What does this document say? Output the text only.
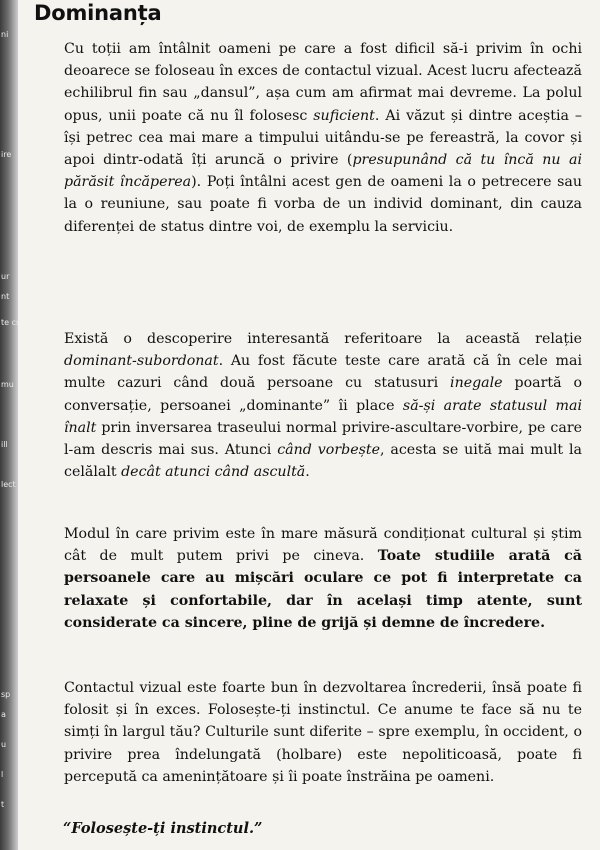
ni
ire
ur
nt
te cr
mu
ill
lect
sp
a
u
l
t
Dominanța

Cu toții am întâlnit oameni pe care a fost dificil să-i privim în ochi deoarece se foloseau în exces de contactul vizual. Acest lucru afectează echilibrul fin sau „dansul”, așa cum am afirmat mai devreme. La polul opus, unii poate că nu îl folosesc suficient. Ai văzut și dintre aceștia – își petrec cea mai mare a timpului uitându-se pe fereastră, la covor și apoi dintr-odată îți aruncă o privire (presupunând că tu încă nu ai părăsit încăperea). Poți întâlni acest gen de oameni la o petrecere sau la o reuniune, sau poate fi vorba de un individ dominant, din cauza diferenței de status dintre voi, de exemplu la serviciu.

Există o descoperire interesantă referitoare la această relație dominant-subordonat. Au fost făcute teste care arată că în cele mai multe cazuri când două persoane cu statusuri inegale poartă o conversație, persoanei „dominante” îi place să-și arate statusul mai înalt prin inversarea traseului normal privire-ascultare-vorbire, pe care l-am descris mai sus. Atunci când vorbește, acesta se uită mai mult la celălalt decât atunci când ascultă.

Modul în care privim este în mare măsură condiționat cultural și știm cât de mult putem privi pe cineva. Toate studiile arată că persoanele care au mișcări oculare ce pot fi interpretate ca relaxate și confortabile, dar în același timp atente, sunt considerate ca sincere, pline de grijă și demne de încredere.

Contactul vizual este foarte bun în dezvoltarea încrederii, însă poate fi folosit și în exces. Folosește-ți instinctul. Ce anume te face să nu te simți în largul tău? Culturile sunt diferite – spre exemplu, în occident, o privire prea îndelungată (holbare) este nepoliticoasă, poate fi percepută ca amenințătoare și îi poate înstrăina pe oameni.

“Folosește-ți instinctul.”
